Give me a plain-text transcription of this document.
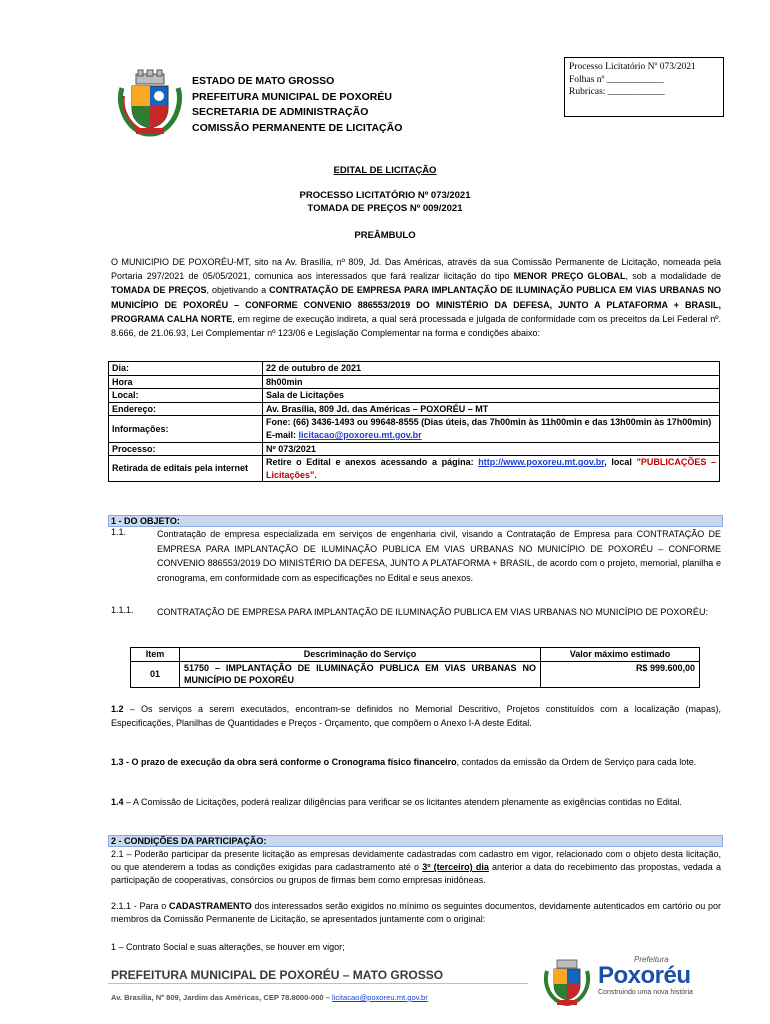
ESTADO DE MATO GROSSO

PREFEITURA MUNICIPAL DE POXORÉU

SECRETARIA DE ADMINISTRAÇÃO

COMISSÃO PERMANENTE DE LICITAÇÃO

Processo Licitatório Nº 073/2021

Folhas nº ____________

Rubricas: ____________

EDITAL DE LICITAÇÃO
PROCESSO LICITATÓRIO Nº 073/2021
TOMADA DE PREÇOS Nº 009/2021
PREÂMBULO
O MUNICIPIO DE POXORÉU-MT, sito na Av. Brasília, nº 809, Jd. Das Américas, através da sua Comissão Permanente de Licitação, nomeada pela Portaria 297/2021 de 05/05/2021, comunica aos interessados que fará realizar licitação do tipo MENOR PREÇO GLOBAL, sob a modalidade de TOMADA DE PREÇOS, objetivando a CONTRATAÇÃO DE EMPRESA PARA IMPLANTAÇÃO DE ILUMINAÇÃO PUBLICA EM VIAS URBANAS NO MUNICÍPIO DE POXORÉU – CONFORME CONVENIO 886553/2019 DO MINISTÉRIO DA DEFESA, JUNTO A PLATAFORMA + BRASIL, PROGRAMA CALHA NORTE, em regime de execução indireta, a qual será processada e julgada de conformidade com os preceitos da Lei Federal nº. 8.666, de 21.06.93, Lei Complementar nº 123/06 e Legislação Complementar na forma e condições abaixo:
Dia:	22 de outubro de 2021
Hora	8h00min
Local:	Sala de Licitações
Endereço:	Av. Brasília, 809 Jd. das Américas – POXORÉU – MT
Informações:	Fone: (66) 3436-1493 ou 99648-8555 (Dias úteis, das 7h00min às 11h00min e das 13h00min às 17h00min)
E-mail: licitacao@poxoreu.mt.gov.br
Processo:	Nº 073/2021
Retirada de editais pela internet	Retire o Edital e anexos acessando a página: http://www.poxoreu.mt.gov.br, local "PUBLICAÇÕES –Licitações".
1 - DO OBJETO:
1.1.	Contratação de empresa especializada em serviços de engenharia civil, visando a Contratação de Empresa para CONTRATAÇÃO DE EMPRESA PARA IMPLANTAÇÃO DE ILUMINAÇÃO PUBLICA EM VIAS URBANAS NO MUNICÍPIO DE POXORÉU – CONFORME CONVENIO 886553/2019 DO MINISTÉRIO DA DEFESA, JUNTO A PLATAFORMA + BRASIL, de acordo com o projeto, memorial, planilha e cronograma, em conformidade com as especificações no Edital e seus anexos.
1.1.1.	CONTRATAÇÃO DE EMPRESA PARA IMPLANTAÇÃO DE ILUMINAÇÃO PUBLICA EM VIAS URBANAS NO MUNICÍPIO DE POXORÉU:
Item	Descriminação do Serviço	Valor máximo estimado
01	51750 – IMPLANTAÇÃO DE ILUMINAÇÃO PUBLICA EM VIAS URBANAS NO MUNICÍPIO DE POXORÉU	R$ 999.600,00
1.2 – Os serviços a serem executados, encontram-se definidos no Memorial Descritivo, Projetos constituídos com a localização (mapas), Especificações, Planilhas de Quantidades e Preços - Orçamento, que compõem o Anexo I-A deste Edital.
1.3 - O prazo de execução da obra será conforme o Cronograma físico financeiro, contados da emissão da Ordem de Serviço para cada lote.
1.4 – A Comissão de Licitações, poderá realizar diligências para verificar se os licitantes atendem plenamente as exigências contidas no Edital.
2 - CONDIÇÕES DA PARTICIPAÇÃO:
2.1 – Poderão participar da presente licitação as empresas devidamente cadastradas com cadastro em vigor, relacionado com o objeto desta licitação, ou que atenderem a todas as condições exigidas para cadastramento até o 3º (terceiro) dia anterior a data do recebimento das propostas, vedada a participação de cooperativas, consórcios ou grupos de firmas bem como empresas inidôneas.
2.1.1 - Para o CADASTRAMENTO dos interessados serão exigidos no mínimo os seguintes documentos, devidamente autenticados em cartório ou por membros da Comissão Permanente de Licitação, se apresentados juntamente com o original:
1 – Contrato Social e suas alterações, se houver em vigor;
PREFEITURA MUNICIPAL DE POXORÉU – MATO GROSSO
Av. Brasília, Nº 809, Jardim das Américas, CEP 78.8000-000 – licitacao@poxoreu.mt.gov.br
Prefeitura
Poxoréu
Construindo uma nova história
